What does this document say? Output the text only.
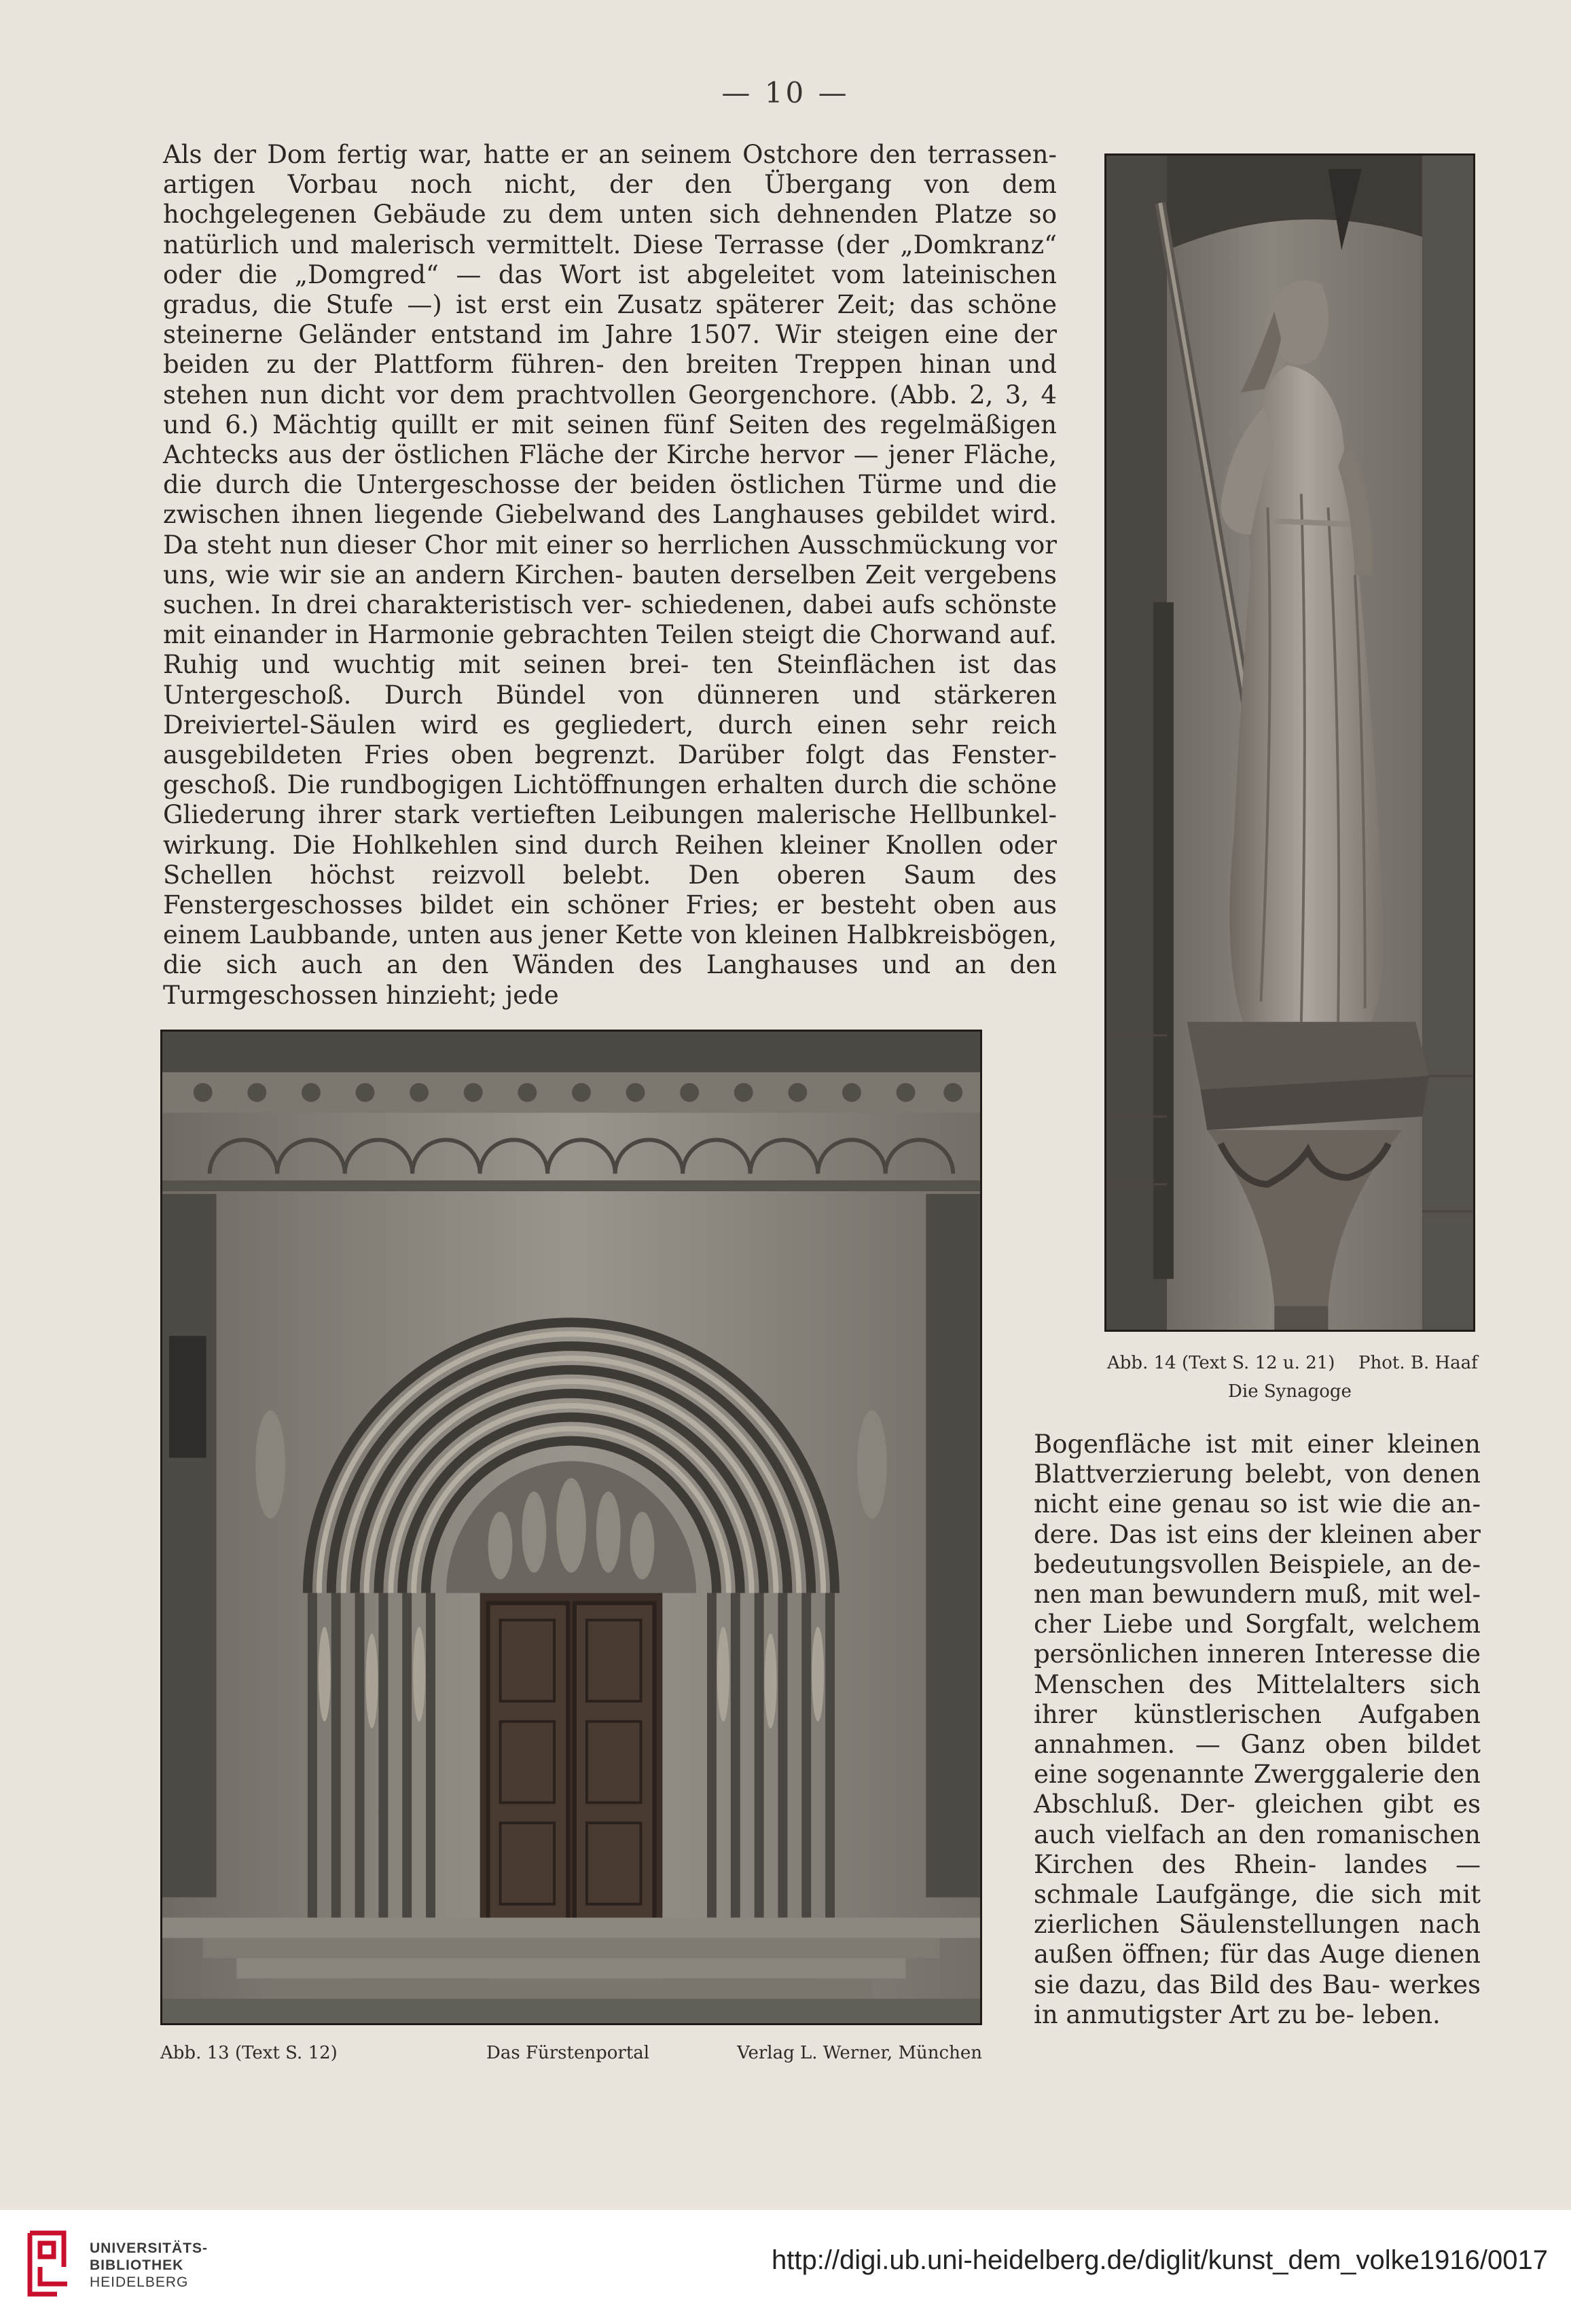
— 10 —

Als der Dom fertig war, hatte er an seinem Ostchore den terrassen- artigen Vorbau noch nicht, der den Übergang von dem hochgelegenen Gebäude zu dem unten sich dehnenden Platze so natürlich und malerisch vermittelt. Diese Terrasse (der „Domkranz“ oder die „Domgred“ — das Wort ist abgeleitet vom lateinischen gradus, die Stufe —) ist erst ein Zusatz späterer Zeit; das schöne steinerne Geländer entstand im Jahre 1507. Wir steigen eine der beiden zu der Plattform führen- den breiten Treppen hinan und stehen nun dicht vor dem prachtvollen Georgenchore. (Abb. 2, 3, 4 und 6.) Mächtig quillt er mit seinen fünf Seiten des regelmäßigen Achtecks aus der östlichen Fläche der Kirche hervor — jener Fläche, die durch die Untergeschosse der beiden östlichen Türme und die zwischen ihnen liegende Giebelwand des Langhauses gebildet wird. Da steht nun dieser Chor mit einer so herrlichen Ausschmückung vor uns, wie wir sie an andern Kirchen- bauten derselben Zeit vergebens suchen. In drei charakteristisch ver- schiedenen, dabei aufs schönste mit einander in Harmonie gebrachten Teilen steigt die Chorwand auf. Ruhig und wuchtig mit seinen brei- ten Steinflächen ist das Untergeschoß. Durch Bündel von dünneren und stärkeren Dreiviertel-Säulen wird es gegliedert, durch einen sehr reich ausgebildeten Fries oben begrenzt. Darüber folgt das Fenster- geschoß. Die rundbogigen Lichtöffnungen erhalten durch die schöne Gliederung ihrer stark vertieften Leibungen malerische Hellbunkel- wirkung. Die Hohlkehlen sind durch Reihen kleiner Knollen oder Schellen höchst reizvoll belebt. Den oberen Saum des Fenstergeschosses bildet ein schöner Fries; er besteht oben aus einem Laubbande, unten aus jener Kette von kleinen Halbkreisbögen, die sich auch an den Wänden des Langhauses und an den Turmgeschossen hinzieht; jede

Abb. 14 (Text S. 12 u. 21) Phot. B. Haaf
Die Synagoge

Bogenfläche ist mit einer kleinen Blattverzierung belebt, von denen nicht eine genau so ist wie die an- dere. Das ist eins der kleinen aber bedeutungsvollen Beispiele, an de- nen man bewundern muß, mit wel- cher Liebe und Sorgfalt, welchem persönlichen inneren Interesse die Menschen des Mittelalters sich ihrer künstlerischen Aufgaben annahmen. — Ganz oben bildet eine sogenannte Zwerggalerie den Abschluß. Der- gleichen gibt es auch vielfach an den romanischen Kirchen des Rhein- landes — schmale Laufgänge, die sich mit zierlichen Säulenstellungen nach außen öffnen; für das Auge dienen sie dazu, das Bild des Bau- werkes in anmutigster Art zu be- leben.

Abb. 13 (Text S. 12)	Das Fürstenportal	Verlag L. Werner, München
UNIVERSITÄTS-
BIBLIOTHEK
HEIDELBERG
http://digi.ub.uni-heidelberg.de/diglit/kunst_dem_volke1916/0017
